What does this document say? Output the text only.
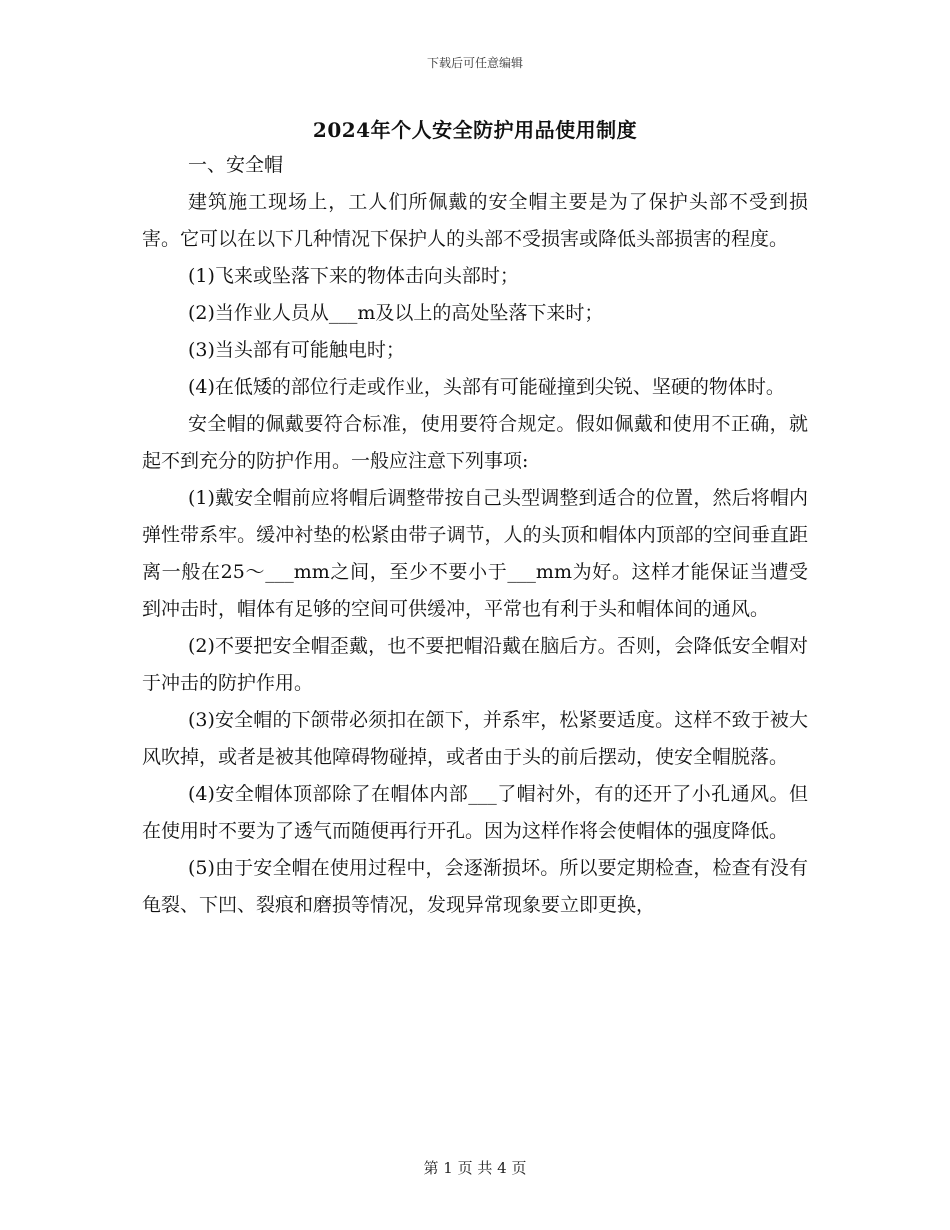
下载后可任意编辑
2024年个人安全防护用品使用制度

一、安全帽

建筑施工现场上，工人们所佩戴的安全帽主要是为了保护头部不受到损害。它可以在以下几种情况下保护人的头部不受损害或降低头部损害的程度。

(1)飞来或坠落下来的物体击向头部时；

(2)当作业人员从___m及以上的高处坠落下来时；

(3)当头部有可能触电时；

(4)在低矮的部位行走或作业，头部有可能碰撞到尖锐、坚硬的物体时。

安全帽的佩戴要符合标准，使用要符合规定。假如佩戴和使用不正确，就起不到充分的防护作用。一般应注意下列事项:

(1)戴安全帽前应将帽后调整带按自己头型调整到适合的位置，然后将帽内弹性带系牢。缓冲衬垫的松紧由带子调节，人的头顶和帽体内顶部的空间垂直距离一般在25～___mm之间，至少不要小于___mm为好。这样才能保证当遭受到冲击时，帽体有足够的空间可供缓冲，平常也有利于头和帽体间的通风。

(2)不要把安全帽歪戴，也不要把帽沿戴在脑后方。否则，会降低安全帽对于冲击的防护作用。

(3)安全帽的下颌带必须扣在颌下，并系牢，松紧要适度。这样不致于被大风吹掉，或者是被其他障碍物碰掉，或者由于头的前后摆动，使安全帽脱落。

(4)安全帽体顶部除了在帽体内部___了帽衬外，有的还开了小孔通风。但在使用时不要为了透气而随便再行开孔。因为这样作将会使帽体的强度降低。

(5)由于安全帽在使用过程中，会逐渐损坏。所以要定期检查，检查有没有龟裂、下凹、裂痕和磨损等情况，发现异常现象要立即更换，

第 1 页 共 4 页
